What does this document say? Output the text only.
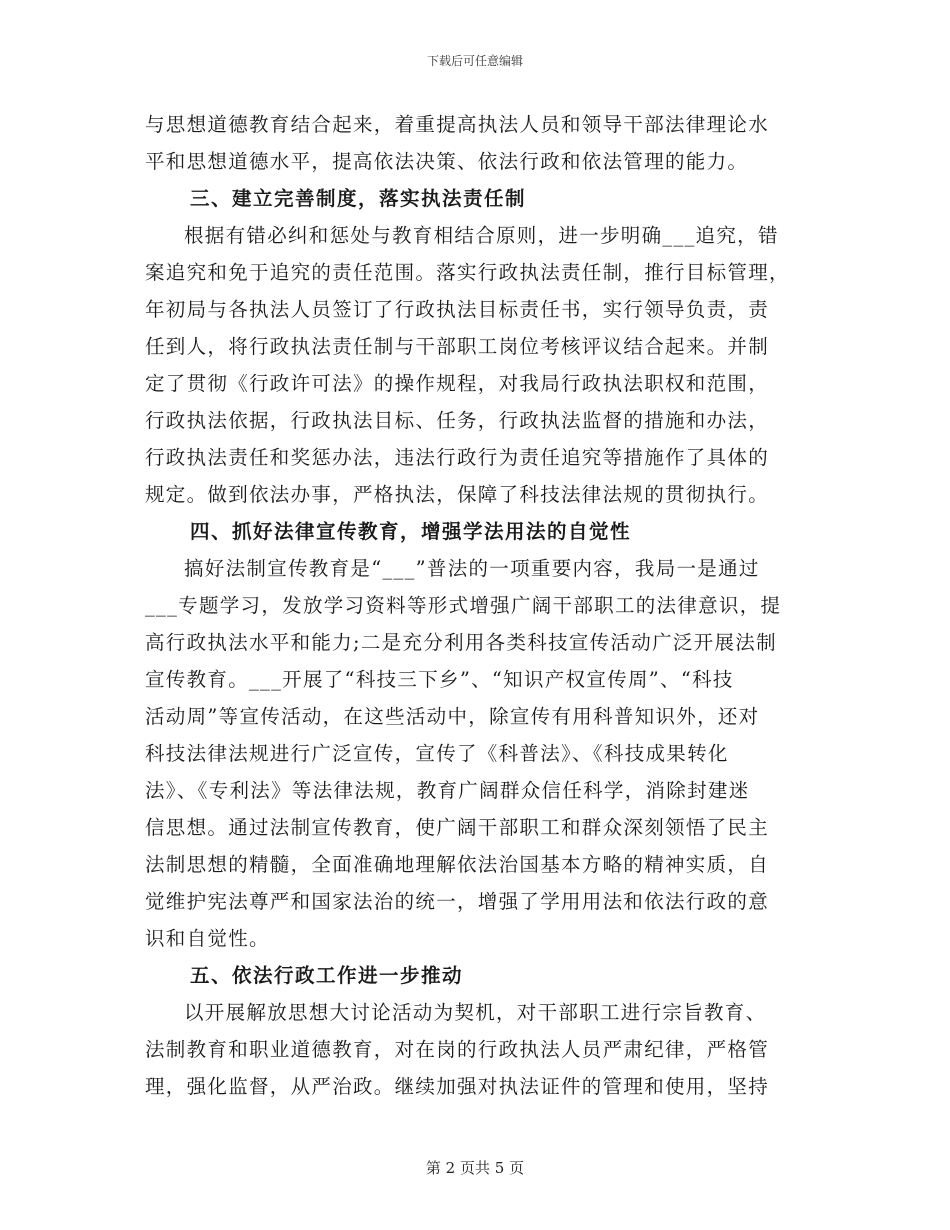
下载后可任意编辑
与思想道德教育结合起来，着重提高执法人员和领导干部法律理论水
平和思想道德水平，提高依法决策、依法行政和依法管理的能力。
三、建立完善制度，落实执法责任制
根据有错必纠和惩处与教育相结合原则，进一步明确___追究，错
案追究和免于追究的责任范围。落实行政执法责任制，推行目标管理，
年初局与各执法人员签订了行政执法目标责任书，实行领导负责，责
任到人，将行政执法责任制与干部职工岗位考核评议结合起来。并制
定了贯彻《行政许可法》的操作规程，对我局行政执法职权和范围，
行政执法依据，行政执法目标、任务，行政执法监督的措施和办法，
行政执法责任和奖惩办法，违法行政行为责任追究等措施作了具体的
规定。做到依法办事，严格执法，保障了科技法律法规的贯彻执行。
四、抓好法律宣传教育，增强学法用法的自觉性
搞好法制宣传教育是“___”普法的一项重要内容，我局一是通过
___专题学习，发放学习资料等形式增强广阔干部职工的法律意识，提
高行政执法水平和能力;二是充分利用各类科技宣传活动广泛开展法制
宣传教育。___开展了“科技三下乡”、“知识产权宣传周”、“科技
活动周”等宣传活动，在这些活动中，除宣传有用科普知识外，还对
科技法律法规进行广泛宣传，宣传了《科普法》、《科技成果转化
法》、《专利法》等法律法规，教育广阔群众信任科学，消除封建迷
信思想。通过法制宣传教育，使广阔干部职工和群众深刻领悟了民主
法制思想的精髓，全面准确地理解依法治国基本方略的精神实质，自
觉维护宪法尊严和国家法治的统一，增强了学用用法和依法行政的意
识和自觉性。
五、依法行政工作进一步推动
以开展解放思想大讨论活动为契机，对干部职工进行宗旨教育、
法制教育和职业道德教育，对在岗的行政执法人员严肃纪律，严格管
理，强化监督，从严治政。继续加强对执法证件的管理和使用，坚持
第 2 页共 5 页
